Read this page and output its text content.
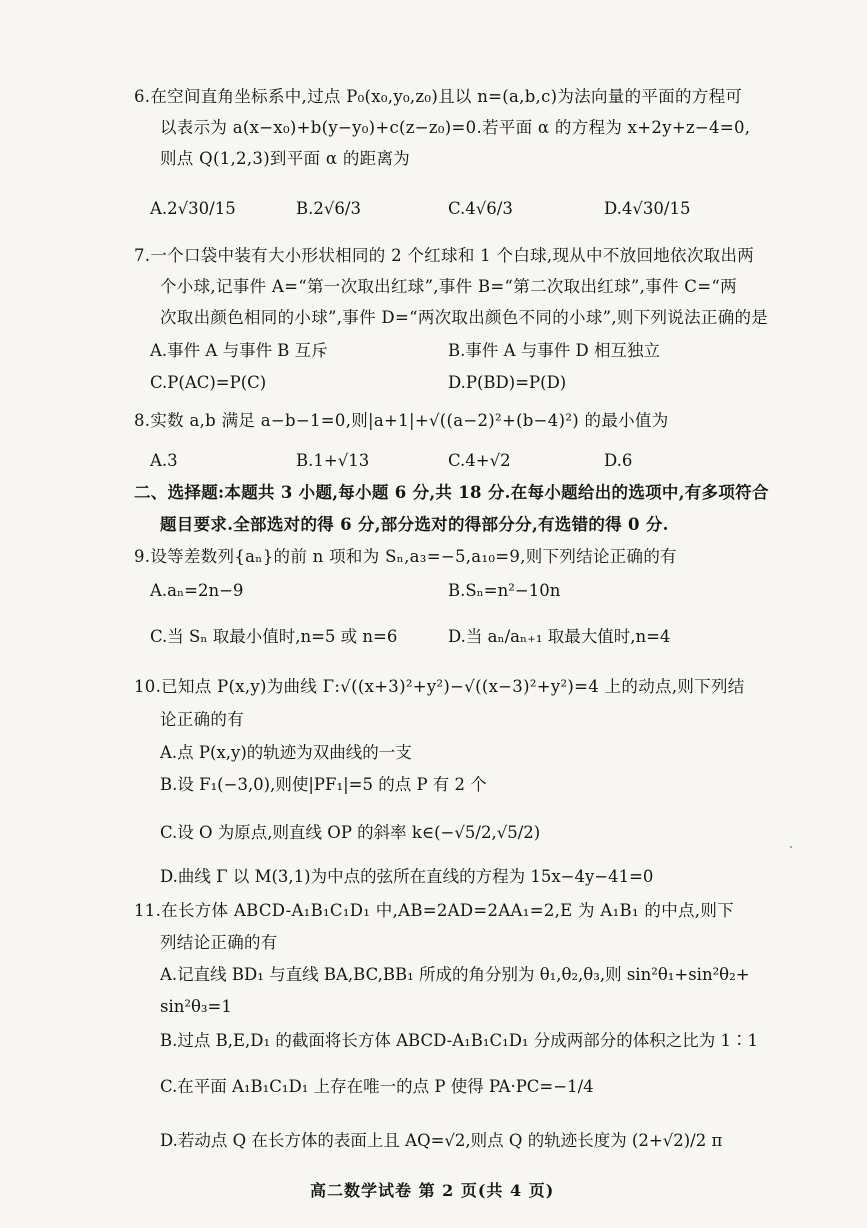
6.在空间直角坐标系中,过点 P₀(x₀,y₀,z₀)且以 n=(a,b,c)为法向量的平面的方程可
以表示为 a(x−x₀)+b(y−y₀)+c(z−z₀)=0.若平面 α 的方程为 x+2y+z−4=0,
则点 Q(1,2,3)到平面 α 的距离为
A.2√30/15	B.2√6/3	C.4√6/3	D.4√30/15
7.一个口袋中装有大小形状相同的 2 个红球和 1 个白球,现从中不放回地依次取出两
个小球,记事件 A=“第一次取出红球”,事件 B=“第二次取出红球”,事件 C=“两
次取出颜色相同的小球”,事件 D=“两次取出颜色不同的小球”,则下列说法正确的是
A.事件 A 与事件 B 互斥	B.事件 A 与事件 D 相互独立
C.P(AC)=P(C)	D.P(BD)=P(D)
8.实数 a,b 满足 a−b−1=0,则|a+1|+√((a−2)²+(b−4)²) 的最小值为
A.3	B.1+√13	C.4+√2	D.6
二、选择题:本题共 3 小题,每小题 6 分,共 18 分.在每小题给出的选项中,有多项符合
题目要求.全部选对的得 6 分,部分选对的得部分分,有选错的得 0 分.
9.设等差数列{aₙ}的前 n 项和为 Sₙ,a₃=−5,a₁₀=9,则下列结论正确的有
A.aₙ=2n−9	B.Sₙ=n²−10n
C.当 Sₙ 取最小值时,n=5 或 n=6	D.当 aₙ/aₙ₊₁ 取最大值时,n=4
10.已知点 P(x,y)为曲线 Γ:√((x+3)²+y²)−√((x−3)²+y²)=4 上的动点,则下列结
论正确的有
A.点 P(x,y)的轨迹为双曲线的一支
B.设 F₁(−3,0),则使|PF₁|=5 的点 P 有 2 个
C.设 O 为原点,则直线 OP 的斜率 k∈(−√5/2,√5/2)
D.曲线 Γ 以 M(3,1)为中点的弦所在直线的方程为 15x−4y−41=0
11.在长方体 ABCD-A₁B₁C₁D₁ 中,AB=2AD=2AA₁=2,E 为 A₁B₁ 的中点,则下
列结论正确的有
A.记直线 BD₁ 与直线 BA,BC,BB₁ 所成的角分别为 θ₁,θ₂,θ₃,则 sin²θ₁+sin²θ₂+
sin²θ₃=1
B.过点 B,E,D₁ 的截面将长方体 ABCD-A₁B₁C₁D₁ 分成两部分的体积之比为 1∶1
C.在平面 A₁B₁C₁D₁ 上存在唯一的点 P 使得 PA·PC=−1/4
D.若动点 Q 在长方体的表面上且 AQ=√2,则点 Q 的轨迹长度为 (2+√2)/2 π
高二数学试卷 第 2 页(共 4 页)
